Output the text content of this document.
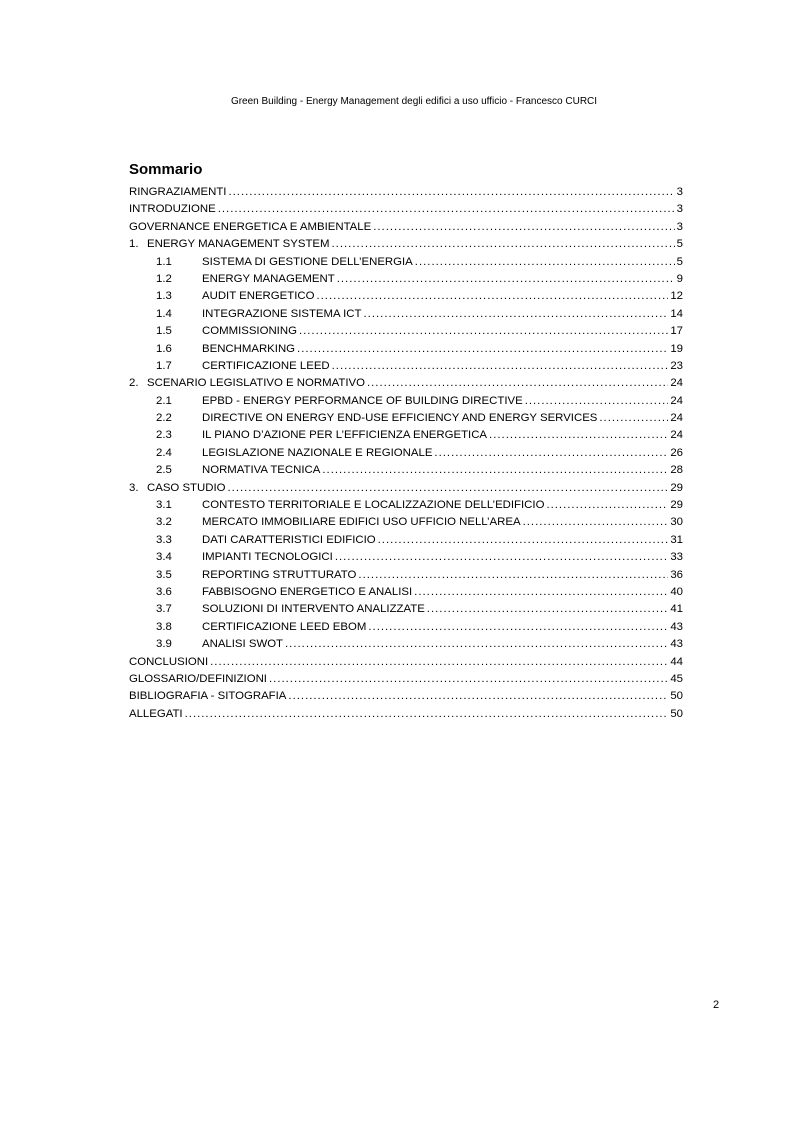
Green Building - Energy Management degli edifici a uso ufficio - Francesco CURCI
Sommario
RINGRAZIAMENTI .....	3
INTRODUZIONE .....	3
GOVERNANCE ENERGETICA E AMBIENTALE .....	3
1. ENERGY MANAGEMENT SYSTEM .....	5
1.1	SISTEMA DI GESTIONE DELL’ENERGIA .....	5
1.2	ENERGY MANAGEMENT .....	9
1.3	AUDIT ENERGETICO .....	12
1.4	INTEGRAZIONE SISTEMA ICT .....	14
1.5	COMMISSIONING .....	17
1.6	BENCHMARKING .....	19
1.7	CERTIFICAZIONE LEED .....	23
2. SCENARIO LEGISLATIVO E NORMATIVO .....	24
2.1	EPBD - ENERGY PERFORMANCE OF BUILDING DIRECTIVE .....	24
2.2	DIRECTIVE ON ENERGY END-USE EFFICIENCY AND ENERGY SERVICES .....	24
2.3	IL PIANO D’AZIONE PER L’EFFICIENZA ENERGETICA .....	24
2.4	LEGISLAZIONE NAZIONALE E REGIONALE .....	26
2.5	NORMATIVA TECNICA .....	28
3. CASO STUDIO .....	29
3.1	CONTESTO TERRITORIALE E LOCALIZZAZIONE DELL’EDIFICIO .....	29
3.2	MERCATO IMMOBILIARE EDIFICI USO UFFICIO NELL’AREA .....	30
3.3	DATI CARATTERISTICI EDIFICIO .....	31
3.4	IMPIANTI TECNOLOGICI .....	33
3.5	REPORTING STRUTTURATO .....	36
3.6	FABBISOGNO ENERGETICO E ANALISI .....	40
3.7	SOLUZIONI DI INTERVENTO ANALIZZATE .....	41
3.8	CERTIFICAZIONE LEED EBOM .....	43
3.9	ANALISI SWOT .....	43
CONCLUSIONI .....	44
GLOSSARIO/DEFINIZIONI .....	45
BIBLIOGRAFIA - SITOGRAFIA .....	50
ALLEGATI .....	50
2
